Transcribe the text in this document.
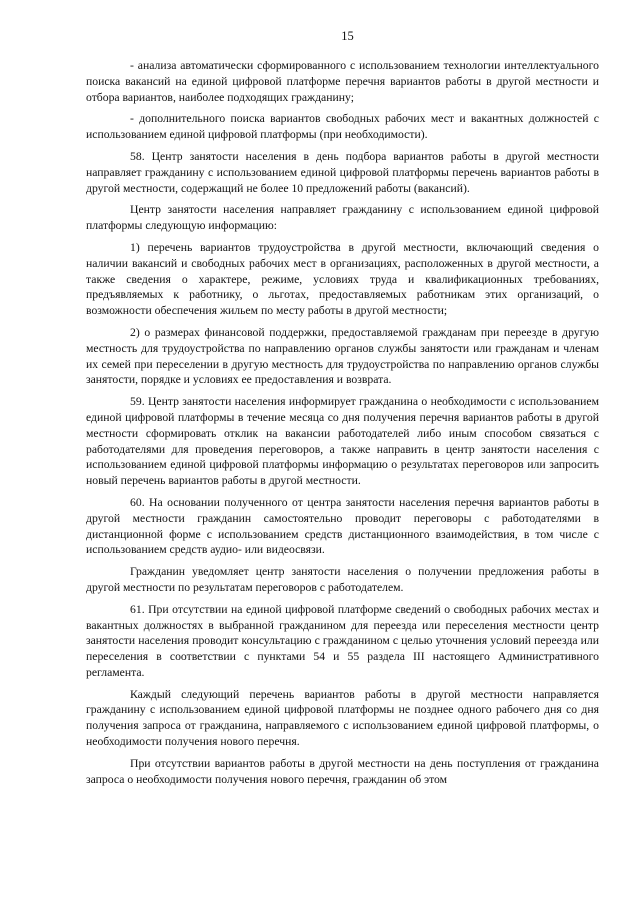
15

- анализа автоматически сформированного с использованием технологии интеллектуального поиска вакансий на единой цифровой платформе перечня вариантов работы в другой местности и отбора вариантов, наиболее подходящих гражданину;

- дополнительного поиска вариантов свободных рабочих мест и вакантных должностей с использованием единой цифровой платформы (при необходимости).

58. Центр занятости населения в день подбора вариантов работы в другой местности направляет гражданину с использованием единой цифровой платформы перечень вариантов работы в другой местности, содержащий не более 10 предложений работы (вакансий).

Центр занятости населения направляет гражданину с использованием единой цифровой платформы следующую информацию:

1) перечень вариантов трудоустройства в другой местности, включающий сведения о наличии вакансий и свободных рабочих мест в организациях, расположенных в другой местности, а также сведения о характере, режиме, условиях труда и квалификационных требованиях, предъявляемых к работнику, о льготах, предоставляемых работникам этих организаций, о возможности обеспечения жильем по месту работы в другой местности;

2) о размерах финансовой поддержки, предоставляемой гражданам при переезде в другую местность для трудоустройства по направлению органов службы занятости или гражданам и членам их семей при переселении в другую местность для трудоустройства по направлению органов службы занятости, порядке и условиях ее предоставления и возврата.

59. Центр занятости населения информирует гражданина о необходимости с использованием единой цифровой платформы в течение месяца со дня получения перечня вариантов работы в другой местности сформировать отклик на вакансии работодателей либо иным способом связаться с работодателями для проведения переговоров, а также направить в центр занятости населения с использованием единой цифровой платформы информацию о результатах переговоров или запросить новый перечень вариантов работы в другой местности.

60. На основании полученного от центра занятости населения перечня вариантов работы в другой местности гражданин самостоятельно проводит переговоры с работодателями в дистанционной форме с использованием средств дистанционного взаимодействия, в том числе с использованием средств аудио- или видеосвязи.

Гражданин уведомляет центр занятости населения о получении предложения работы в другой местности по результатам переговоров с работодателем.

61. При отсутствии на единой цифровой платформе сведений о свободных рабочих местах и вакантных должностях в выбранной гражданином для переезда или переселения местности центр занятости населения проводит консультацию с гражданином с целью уточнения условий переезда или переселения в соответствии с пунктами 54 и 55 раздела III настоящего Административного регламента.

Каждый следующий перечень вариантов работы в другой местности направляется гражданину с использованием единой цифровой платформы не позднее одного рабочего дня со дня получения запроса от гражданина, направляемого с использованием единой цифровой платформы, о необходимости получения нового перечня.

При отсутствии вариантов работы в другой местности на день поступления от гражданина запроса о необходимости получения нового перечня, гражданин об этом
